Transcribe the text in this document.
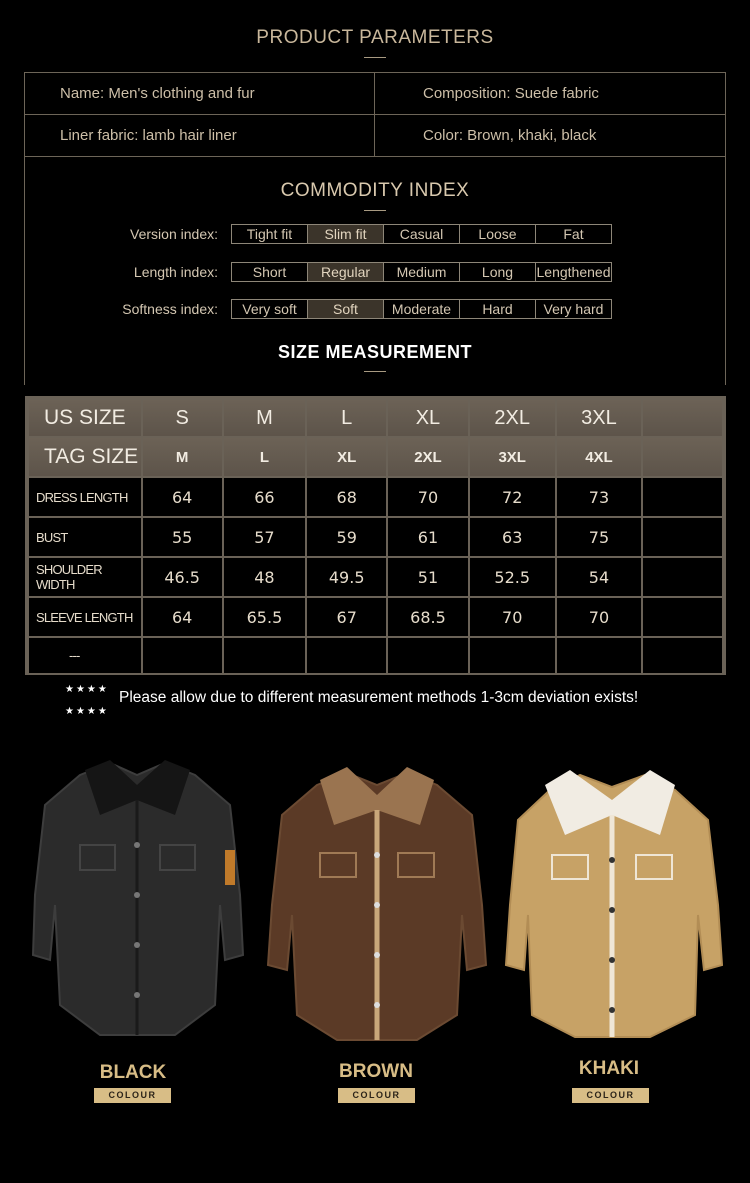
PRODUCT PARAMETERS
Name: Men's clothing and fur	Composition: Suede fabric
Liner fabric: lamb hair liner	Color: Brown, khaki, black
COMMODITY INDEX
Version index:	Tight fit	Slim fit	Casual	Loose	Fat
Length index:	Short	Regular	Medium	Long	Lengthened
Softness index:	Very soft	Soft	Moderate	Hard	Very hard
SIZE MEASUREMENT
US SIZE	S	M	L	XL	2XL	3XL	
TAG SIZE	M	L	XL	2XL	3XL	4XL	
DRESS LENGTH	64	66	68	70	72	73	
BUST	55	57	59	61	63	75	
SHOULDER WIDTH	46.5	48	49.5	51	52.5	54	
SLEEVE LENGTH	64	65.5	67	68.5	70	70	
---							
★★★★
★★★★
Please allow due to different measurement methods 1-3cm deviation exists!
BLACK
COLOUR
BROWN
COLOUR
KHAKI
COLOUR
